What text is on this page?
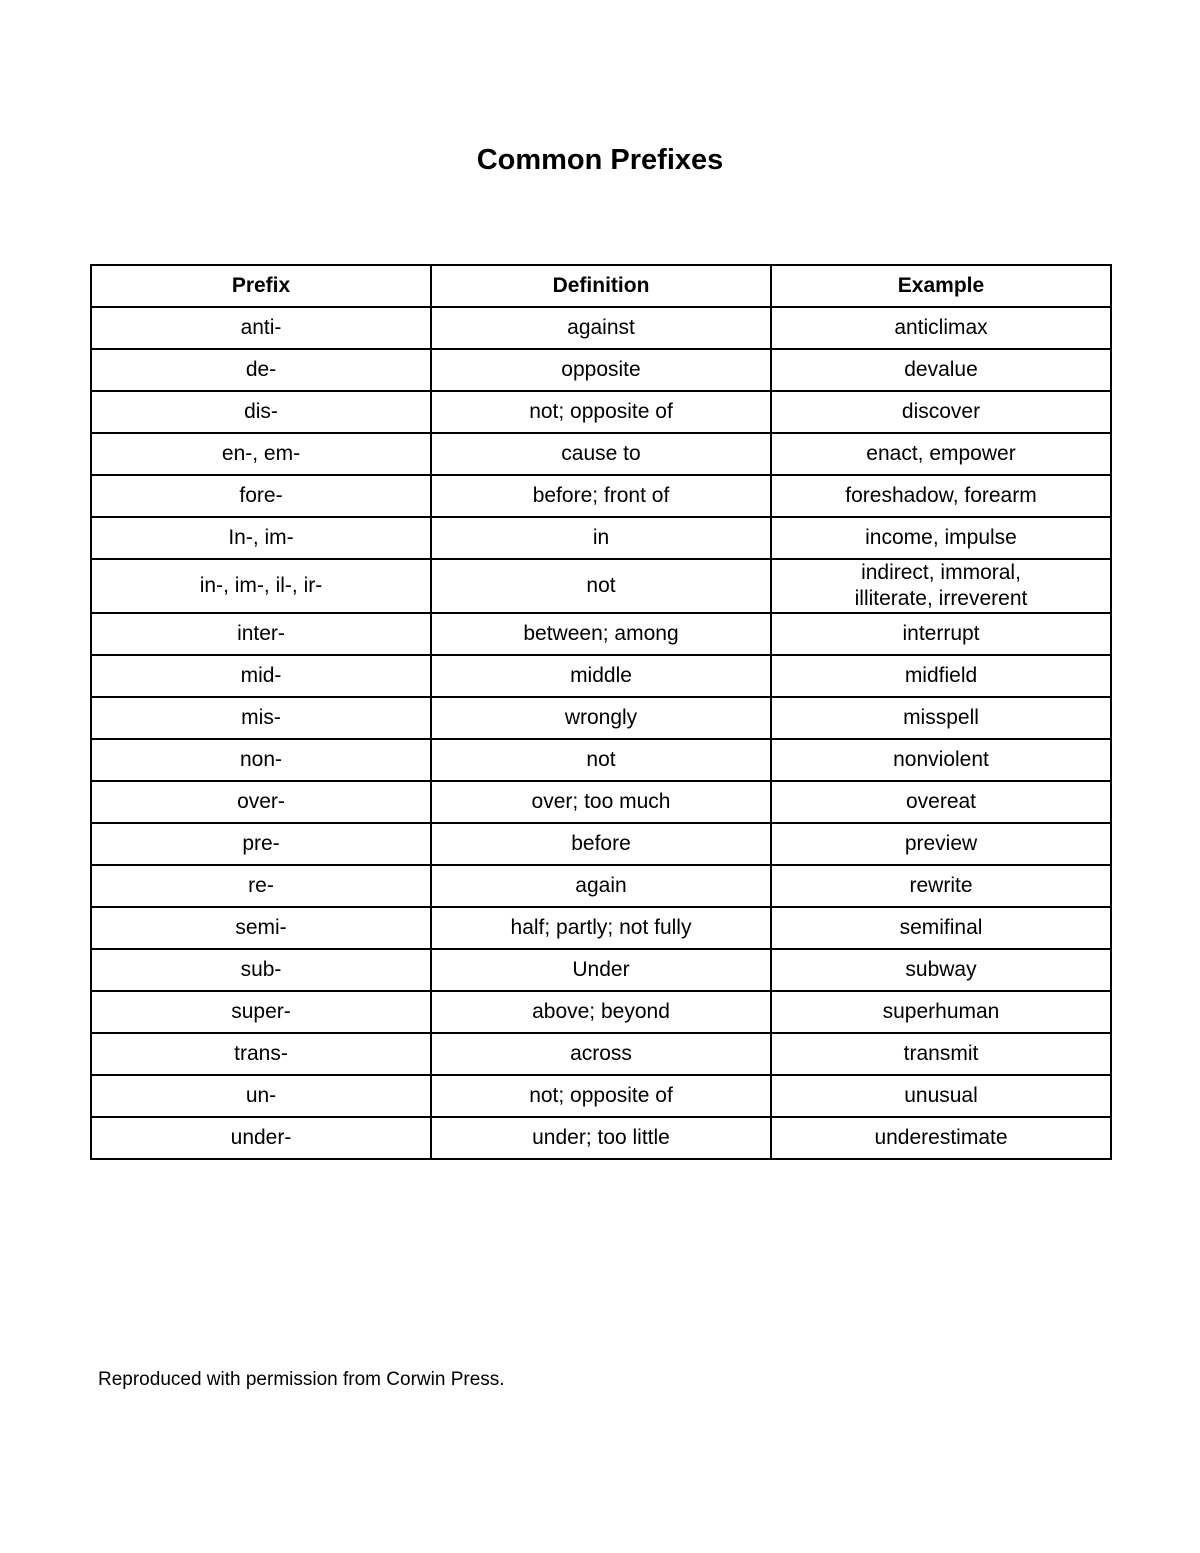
Common Prefixes
Prefix	Definition	Example
anti-	against	anticlimax
de-	opposite	devalue
dis-	not; opposite of	discover
en-, em-	cause to	enact, empower
fore-	before; front of	foreshadow, forearm
In-, im-	in	income, impulse
in-, im-, il-, ir-	not	indirect, immoral,
illiterate, irreverent

inter-	between; among	interrupt
mid-	middle	midfield
mis-	wrongly	misspell
non-	not	nonviolent
over-	over; too much	overeat
pre-	before	preview
re-	again	rewrite
semi-	half; partly; not fully	semifinal
sub-	Under	subway
super-	above; beyond	superhuman
trans-	across	transmit
un-	not; opposite of	unusual
under-	under; too little	underestimate
Reproduced with permission from Corwin Press.
